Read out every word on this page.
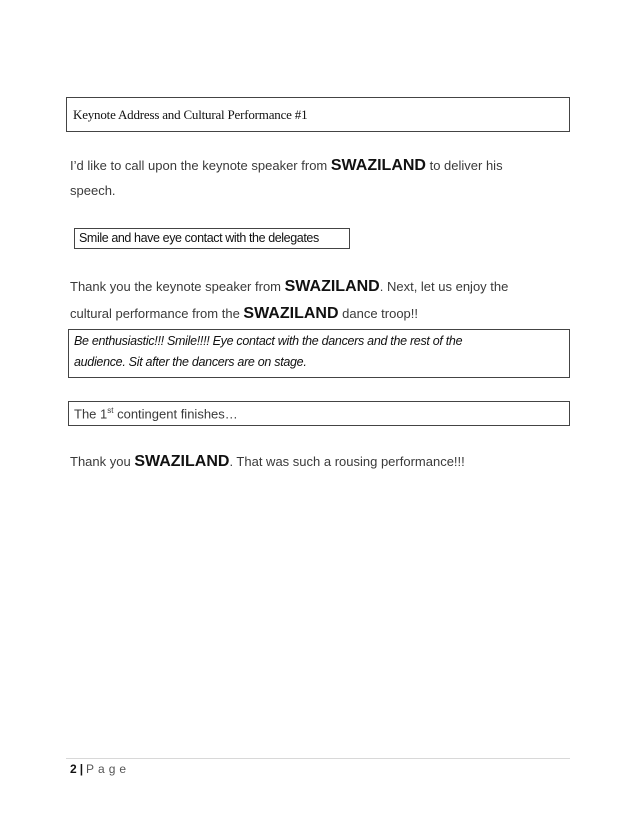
Keynote Address and Cultural Performance #1
I’d like to call upon the keynote speaker from SWAZILAND to deliver his
speech.
Smile and have eye contact with the delegates
Thank you the keynote speaker from SWAZILAND. Next, let us enjoy the
cultural performance from the SWAZILAND dance troop!!
Be enthusiastic!!! Smile!!!! Eye contact with the dancers and the rest of the
audience. Sit after the dancers are on stage.
The 1st contingent finishes…
Thank you SWAZILAND. That was such a rousing performance!!!
2 | Page
